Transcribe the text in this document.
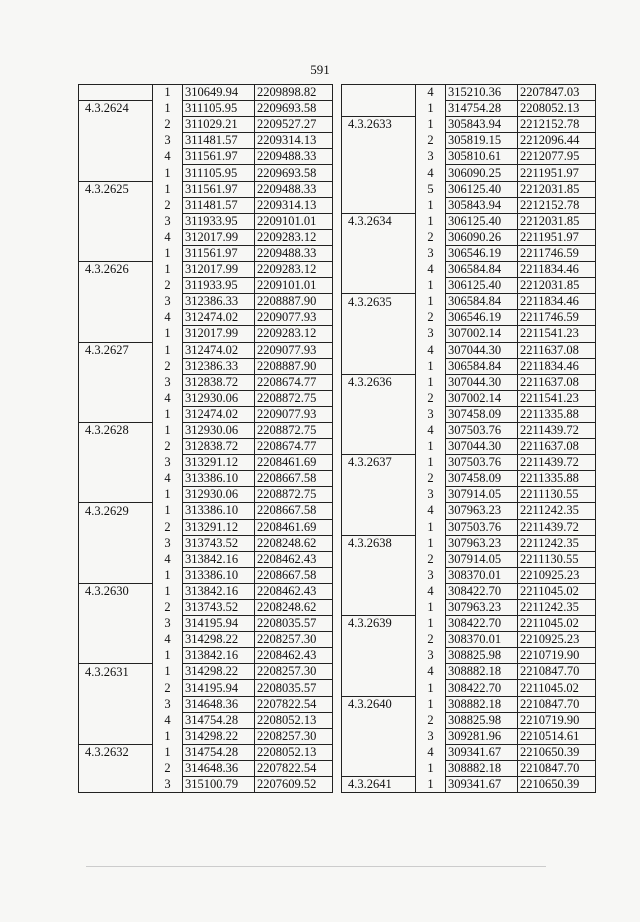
591
	1	310649.94	2209898.82
4.3.2624	1	311105.95	2209693.58
	2	311029.21	2209527.27
	3	311481.57	2209314.13
	4	311561.97	2209488.33
	1	311105.95	2209693.58
4.3.2625	1	311561.97	2209488.33
	2	311481.57	2209314.13
	3	311933.95	2209101.01
	4	312017.99	2209283.12
	1	311561.97	2209488.33
4.3.2626	1	312017.99	2209283.12
	2	311933.95	2209101.01
	3	312386.33	2208887.90
	4	312474.02	2209077.93
	1	312017.99	2209283.12
4.3.2627	1	312474.02	2209077.93
	2	312386.33	2208887.90
	3	312838.72	2208674.77
	4	312930.06	2208872.75
	1	312474.02	2209077.93
4.3.2628	1	312930.06	2208872.75
	2	312838.72	2208674.77
	3	313291.12	2208461.69
	4	313386.10	2208667.58
	1	312930.06	2208872.75
4.3.2629	1	313386.10	2208667.58
	2	313291.12	2208461.69
	3	313743.52	2208248.62
	4	313842.16	2208462.43
	1	313386.10	2208667.58
4.3.2630	1	313842.16	2208462.43
	2	313743.52	2208248.62
	3	314195.94	2208035.57
	4	314298.22	2208257.30
	1	313842.16	2208462.43
4.3.2631	1	314298.22	2208257.30
	2	314195.94	2208035.57
	3	314648.36	2207822.54
	4	314754.28	2208052.13
	1	314298.22	2208257.30
4.3.2632	1	314754.28	2208052.13
	2	314648.36	2207822.54
	3	315100.79	2207609.52
	4	315210.36	2207847.03
	1	314754.28	2208052.13
4.3.2633	1	305843.94	2212152.78
	2	305819.15	2212096.44
	3	305810.61	2212077.95
	4	306090.25	2211951.97
	5	306125.40	2212031.85
	1	305843.94	2212152.78
4.3.2634	1	306125.40	2212031.85
	2	306090.26	2211951.97
	3	306546.19	2211746.59
	4	306584.84	2211834.46
	1	306125.40	2212031.85
4.3.2635	1	306584.84	2211834.46
	2	306546.19	2211746.59
	3	307002.14	2211541.23
	4	307044.30	2211637.08
	1	306584.84	2211834.46
4.3.2636	1	307044.30	2211637.08
	2	307002.14	2211541.23
	3	307458.09	2211335.88
	4	307503.76	2211439.72
	1	307044.30	2211637.08
4.3.2637	1	307503.76	2211439.72
	2	307458.09	2211335.88
	3	307914.05	2211130.55
	4	307963.23	2211242.35
	1	307503.76	2211439.72
4.3.2638	1	307963.23	2211242.35
	2	307914.05	2211130.55
	3	308370.01	2210925.23
	4	308422.70	2211045.02
	1	307963.23	2211242.35
4.3.2639	1	308422.70	2211045.02
	2	308370.01	2210925.23
	3	308825.98	2210719.90
	4	308882.18	2210847.70
	1	308422.70	2211045.02
4.3.2640	1	308882.18	2210847.70
	2	308825.98	2210719.90
	3	309281.96	2210514.61
	4	309341.67	2210650.39
	1	308882.18	2210847.70
4.3.2641	1	309341.67	2210650.39
